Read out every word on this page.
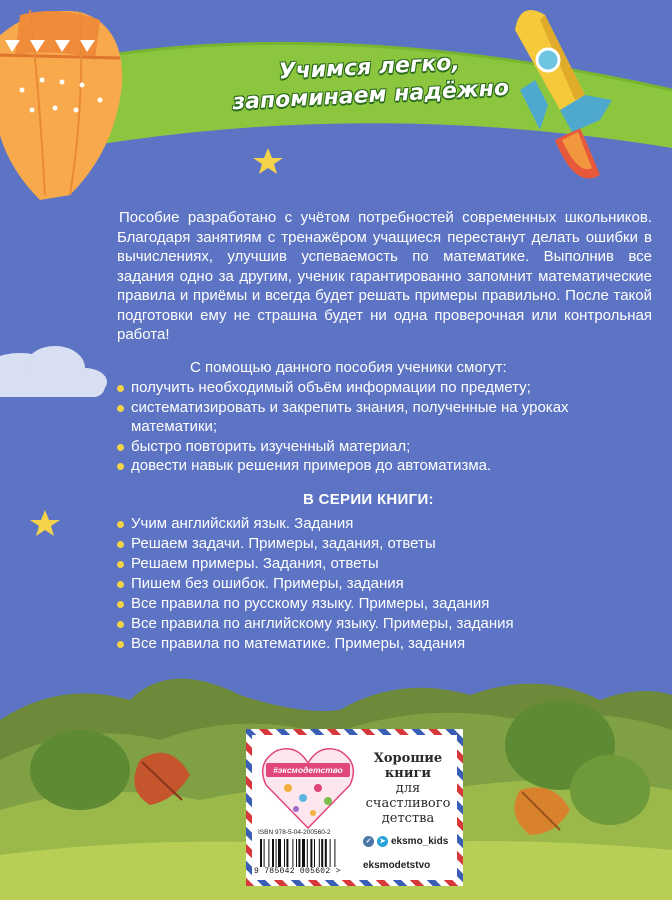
Учимся легко,
запоминаем надёжно
Пособие разработано с учётом потребностей современных школьников. Благодаря занятиям с тренажёром учащиеся перестанут делать ошибки в вычислениях, улучшив успеваемость по математике. Выполнив все задания одно за другим, ученик гарантированно запомнит математические правила и приёмы и всегда будет решать примеры правильно. После такой подготовки ему не страшна будет ни одна проверочная или контрольная работа!
С помощью данного пособия ученики смогут:
получить необходимый объём информации по предмету;
систематизировать и закрепить знания, полученные на уроках математики;
быстро повторить изученный материал;
довести навык решения примеров до автоматизма.
В СЕРИИ КНИГИ:
Учим английский язык. Задания
Решаем задачи. Примеры, задания, ответы
Решаем примеры. Задания, ответы
Пишем без ошибок. Примеры, задания
Все правила по русскому языку. Примеры, задания
Все правила по английскому языку. Примеры, задания
Все правила по математике. Примеры, задания
#эксмодетство
Хорошие
книги
для счастливого
детства
ISBN 978-5-04-200560-2
9 785042 005602 >
✓	➤ eksmo_kids
eksmodetstvo
